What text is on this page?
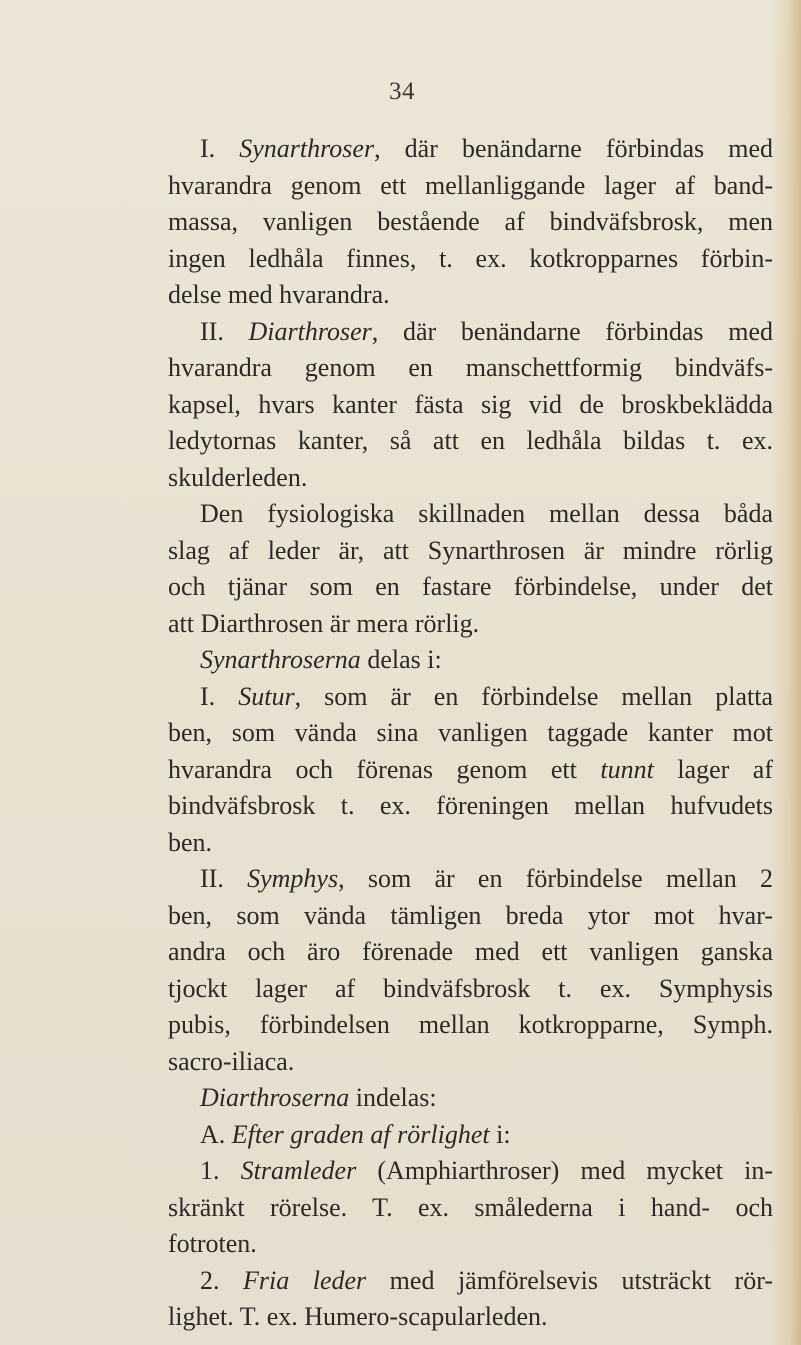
34
I. Synarthroser, där benändarne förbindas med
hvarandra genom ett mellanliggande lager af band-
massa, vanligen bestående af bindväfsbrosk, men
ingen ledhåla finnes, t. ex. kotkropparnes förbin-
delse med hvarandra.
II. Diarthroser, där benändarne förbindas med
hvarandra genom en manschettformig bindväfs-
kapsel, hvars kanter fästa sig vid de broskbeklädda
ledytornas kanter, så att en ledhåla bildas t. ex.
skulderleden.
Den fysiologiska skillnaden mellan dessa båda
slag af leder är, att Synarthrosen är mindre rörlig
och tjänar som en fastare förbindelse, under det
att Diarthrosen är mera rörlig.
Synarthroserna delas i:
I. Sutur, som är en förbindelse mellan platta
ben, som vända sina vanligen taggade kanter mot
hvarandra och förenas genom ett tunnt lager af
bindväfsbrosk t. ex. föreningen mellan hufvudets
ben.
II. Symphys, som är en förbindelse mellan 2
ben, som vända tämligen breda ytor mot hvar-
andra och äro förenade med ett vanligen ganska
tjockt lager af bindväfsbrosk t. ex. Symphysis
pubis, förbindelsen mellan kotkropparne, Symph.
sacro-iliaca.
Diarthroserna indelas:
A. Efter graden af rörlighet i:
1. Stramleder (Amphiarthroser) med mycket in-
skränkt rörelse. T. ex. smålederna i hand- och
fotroten.
2. Fria leder med jämförelsevis utsträckt rör-
lighet. T. ex. Humero-scapularleden.
